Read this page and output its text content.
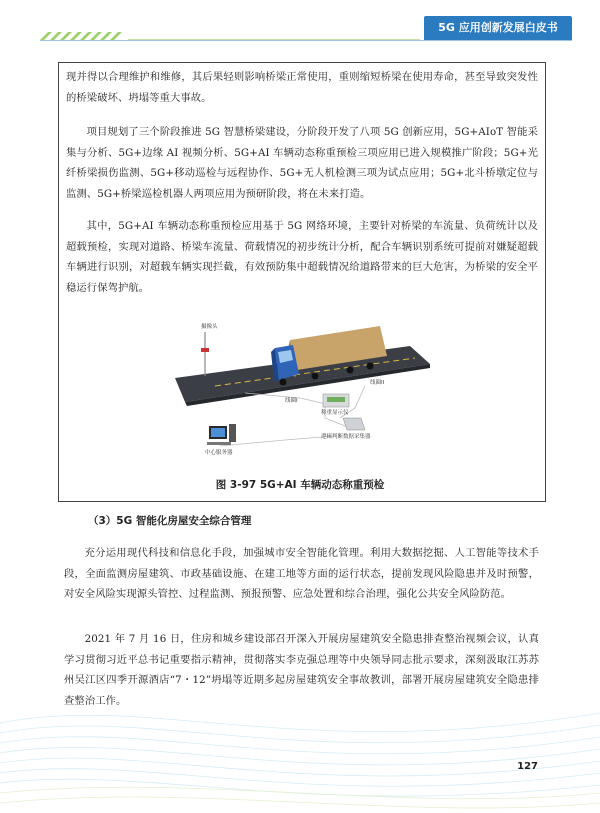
5G 应用创新发展白皮书

现并得以合理维护和维修，其后果轻则影响桥梁正常使用，重则缩短桥梁在使用寿命，甚至导致突发性的桥梁破坏、坍塌等重大事故。

项目规划了三个阶段推进 5G 智慧桥梁建设，分阶段开发了八项 5G 创新应用，5G+AIoT 智能采集与分析、5G+边缘 AI 视频分析、5G+AI 车辆动态称重预检三项应用已进入规模推广阶段；5G+光纤桥梁损伤监测、5G+移动巡检与远程协作、5G+无人机检测三项为试点应用；5G+北斗桥墩定位与监测、5G+桥梁巡检机器人两项应用为预研阶段，将在未来打造。

其中，5G+AI 车辆动态称重预检应用基于 5G 网络环境，主要针对桥梁的车流量、负荷统计以及超载预检，实现对道路、桥梁车流量、荷载情况的初步统计分析，配合车辆识别系统可提前对嫌疑超载车辆进行识别，对超载车辆实现拦截，有效预防集中超载情况给道路带来的巨大危害，为桥梁的安全平稳运行保驾护航。

摄像头
线圈I
线圈II
称重显示仪
逻辑判断数据采集器
中心服务器
图 3-97 5G+AI 车辆动态称重预检
（3）5G 智能化房屋安全综合管理

充分运用现代科技和信息化手段，加强城市安全智能化管理。利用大数据挖掘、人工智能等技术手段，全面监测房屋建筑、市政基础设施、在建工地等方面的运行状态，提前发现风险隐患并及时预警，对安全风险实现源头管控、过程监测、预报预警、应急处置和综合治理，强化公共安全风险防范。

2021 年 7 月 16 日，住房和城乡建设部召开深入开展房屋建筑安全隐患排查整治视频会议，认真学习贯彻习近平总书记重要指示精神，贯彻落实李克强总理等中央领导同志批示要求，深刻汲取江苏苏州吴江区四季开源酒店“7・12”坍塌等近期多起房屋建筑安全事故教训，部署开展房屋建筑安全隐患排查整治工作。

127
